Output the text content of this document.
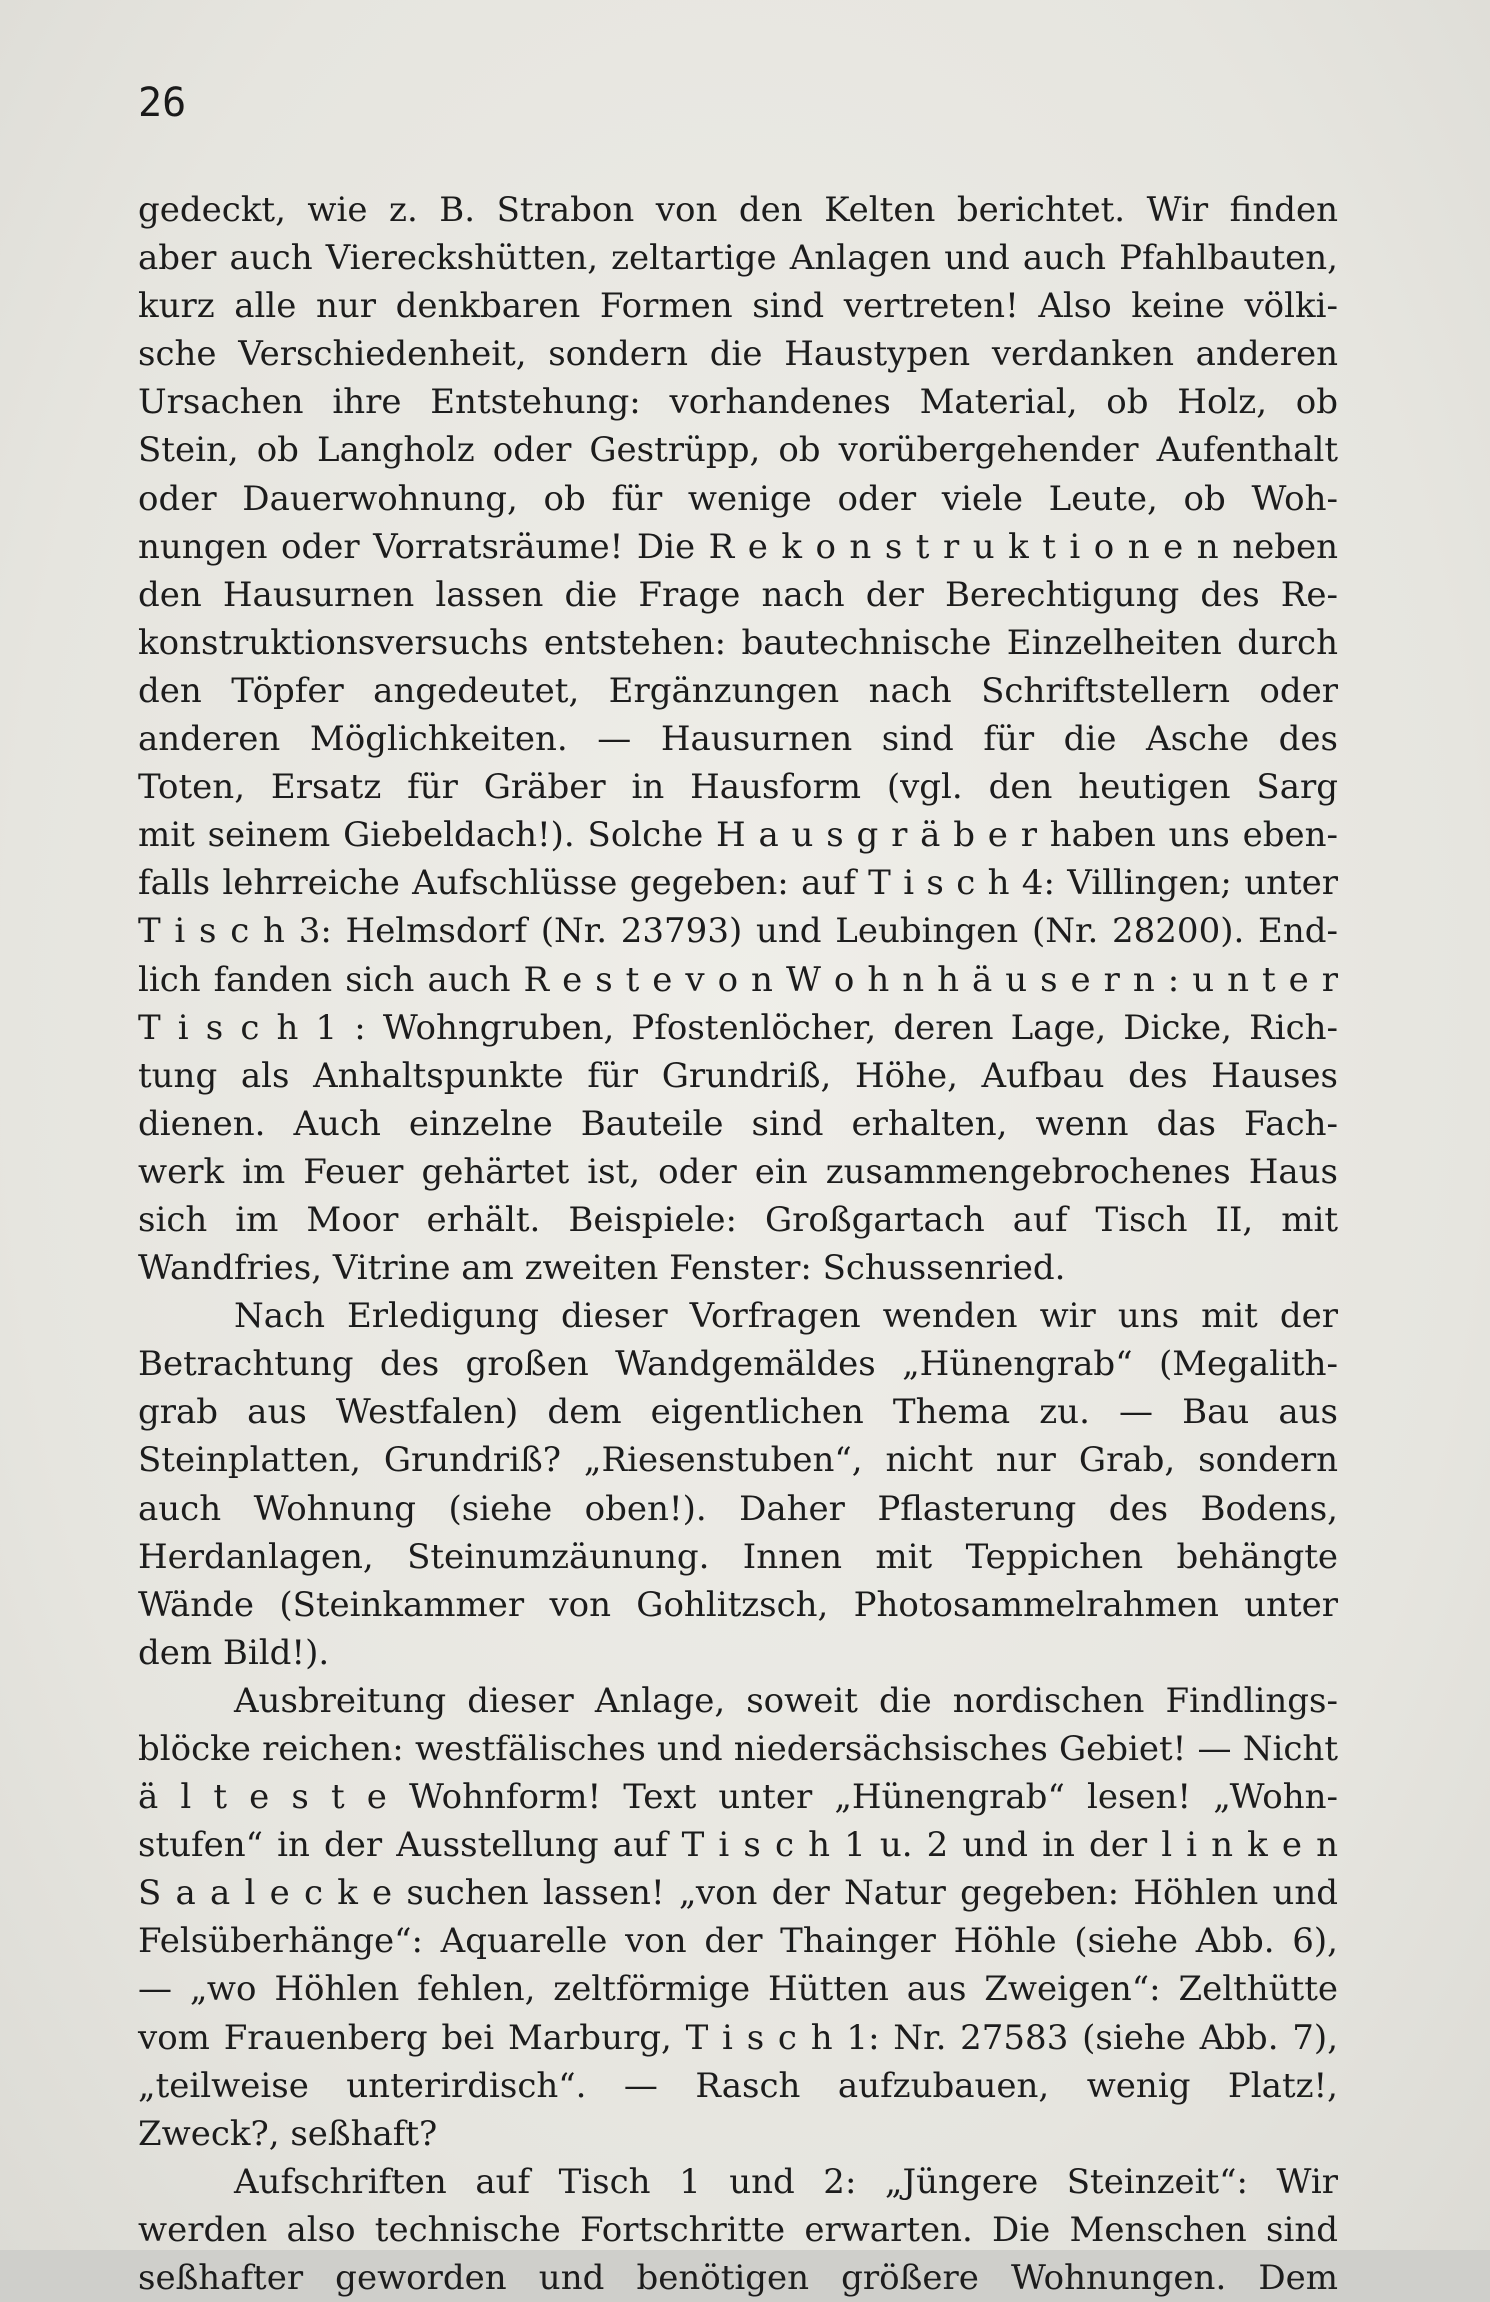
26
gedeckt, wie z. B. Strabon von den Kelten berichtet. Wir finden
aber auch Viereckshütten, zeltartige Anlagen und auch Pfahlbauten,
kurz alle nur denkbaren Formen sind vertreten! Also keine völki-
sche Verschiedenheit, sondern die Haustypen verdanken anderen
Ursachen ihre Entstehung: vorhandenes Material, ob Holz, ob
Stein, ob Langholz oder Gestrüpp, ob vorübergehender Aufenthalt
oder Dauerwohnung, ob für wenige oder viele Leute, ob Woh-
nungen oder Vorratsräume! Die R e k o n s t r u k t i o n e n neben
den Hausurnen lassen die Frage nach der Berechtigung des Re-
konstruktionsversuchs entstehen: bautechnische Einzelheiten durch
den Töpfer angedeutet, Ergänzungen nach Schriftstellern oder
anderen Möglichkeiten. — Hausurnen sind für die Asche des
Toten, Ersatz für Gräber in Hausform (vgl. den heutigen Sarg
mit seinem Giebeldach!). Solche H a u s g r ä b e r haben uns eben-
falls lehrreiche Aufschlüsse gegeben: auf T i s c h 4: Villingen; unter
T i s c h 3: Helmsdorf (Nr. 23793) und Leubingen (Nr. 28200). End-
lich fanden sich auch R e s t e v o n W o h n h ä u s e r n : u n t e r
T i s c h 1 : Wohngruben, Pfostenlöcher, deren Lage, Dicke, Rich-
tung als Anhaltspunkte für Grundriß, Höhe, Aufbau des Hauses
dienen. Auch einzelne Bauteile sind erhalten, wenn das Fach-
werk im Feuer gehärtet ist, oder ein zusammengebrochenes Haus
sich im Moor erhält. Beispiele: Großgartach auf Tisch II, mit
Wandfries, Vitrine am zweiten Fenster: Schussenried.
Nach Erledigung dieser Vorfragen wenden wir uns mit der
Betrachtung des großen Wandgemäldes „Hünengrab“ (Megalith-
grab aus Westfalen) dem eigentlichen Thema zu. — Bau aus
Steinplatten, Grundriß? „Riesenstuben“, nicht nur Grab, sondern
auch Wohnung (siehe oben!). Daher Pflasterung des Bodens,
Herdanlagen, Steinumzäunung. Innen mit Teppichen behängte
Wände (Steinkammer von Gohlitzsch, Photosammelrahmen unter
dem Bild!).
Ausbreitung dieser Anlage, soweit die nordischen Findlings-
blöcke reichen: westfälisches und niedersächsisches Gebiet! — Nicht
ä l t e s t e Wohnform! Text unter „Hünengrab“ lesen! „Wohn-
stufen“ in der Ausstellung auf T i s c h 1 u. 2 und in der l i n k e n
S a a l e c k e suchen lassen! „von der Natur gegeben: Höhlen und
Felsüberhänge“: Aquarelle von der Thainger Höhle (siehe Abb. 6),
— „wo Höhlen fehlen, zeltförmige Hütten aus Zweigen“: Zelthütte
vom Frauenberg bei Marburg, T i s c h 1: Nr. 27583 (siehe Abb. 7),
„teilweise unterirdisch“. — Rasch aufzubauen, wenig Platz!,
Zweck?, seßhaft?
Aufschriften auf Tisch 1 und 2: „Jüngere Steinzeit“: Wir
werden also technische Fortschritte erwarten. Die Menschen sind
seßhafter geworden und benötigen größere Wohnungen. Dem
